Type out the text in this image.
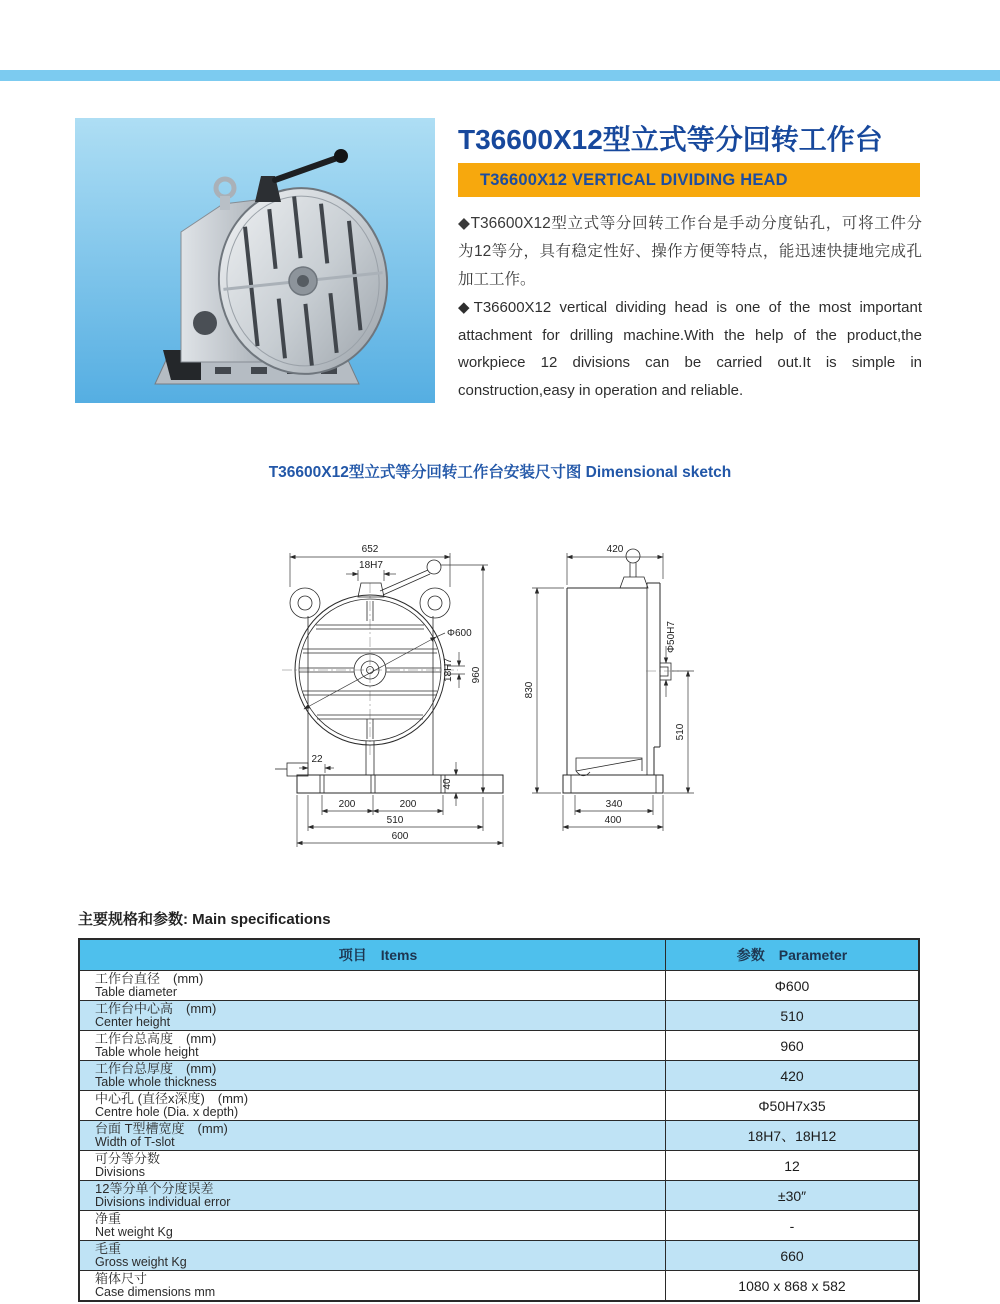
T36600X12型立式等分回转工作台
T36600X12 VERTICAL DIVIDING HEAD
◆T36600X12型立式等分回转工作台是手动分度钻孔，可将工件分为12等分，具有稳定性好、操作方便等特点，能迅速快捷地完成孔加工工作。
◆T36600X12 vertical dividing head is one of the most important attachment for drilling machine.With the help of the product,the workpiece 12 divisions can be carried out.It is simple in construction,easy in operation and reliable.
T36600X12型立式等分回转工作台安装尺寸图 Dimensional sketch
652
18H7
Φ600
18H7 960
40
22
200	200
510
600
420
Φ50H7
830
510
340
400
主要规格和参数: Main specifications
项目　Items	参数　Parameter

工作台直径　(mm)
Table diameter	Φ600

工作台中心高　(mm)
Center height	510

工作台总高度　(mm)
Table whole height	960

工作台总厚度　(mm)
Table whole thickness	420

中心孔 (直径x深度)　(mm)
Centre hole (Dia. x depth)	Φ50H7x35

台面 T型槽宽度　(mm)
Width of T-slot	18H7、18H12

可分等分数
Divisions	12

12等分单个分度误差
Divisions individual error	±30″

净重
Net weight Kg	-

毛重
Gross weight Kg	660

箱体尺寸
Case dimensions mm	1080 x 868 x 582
